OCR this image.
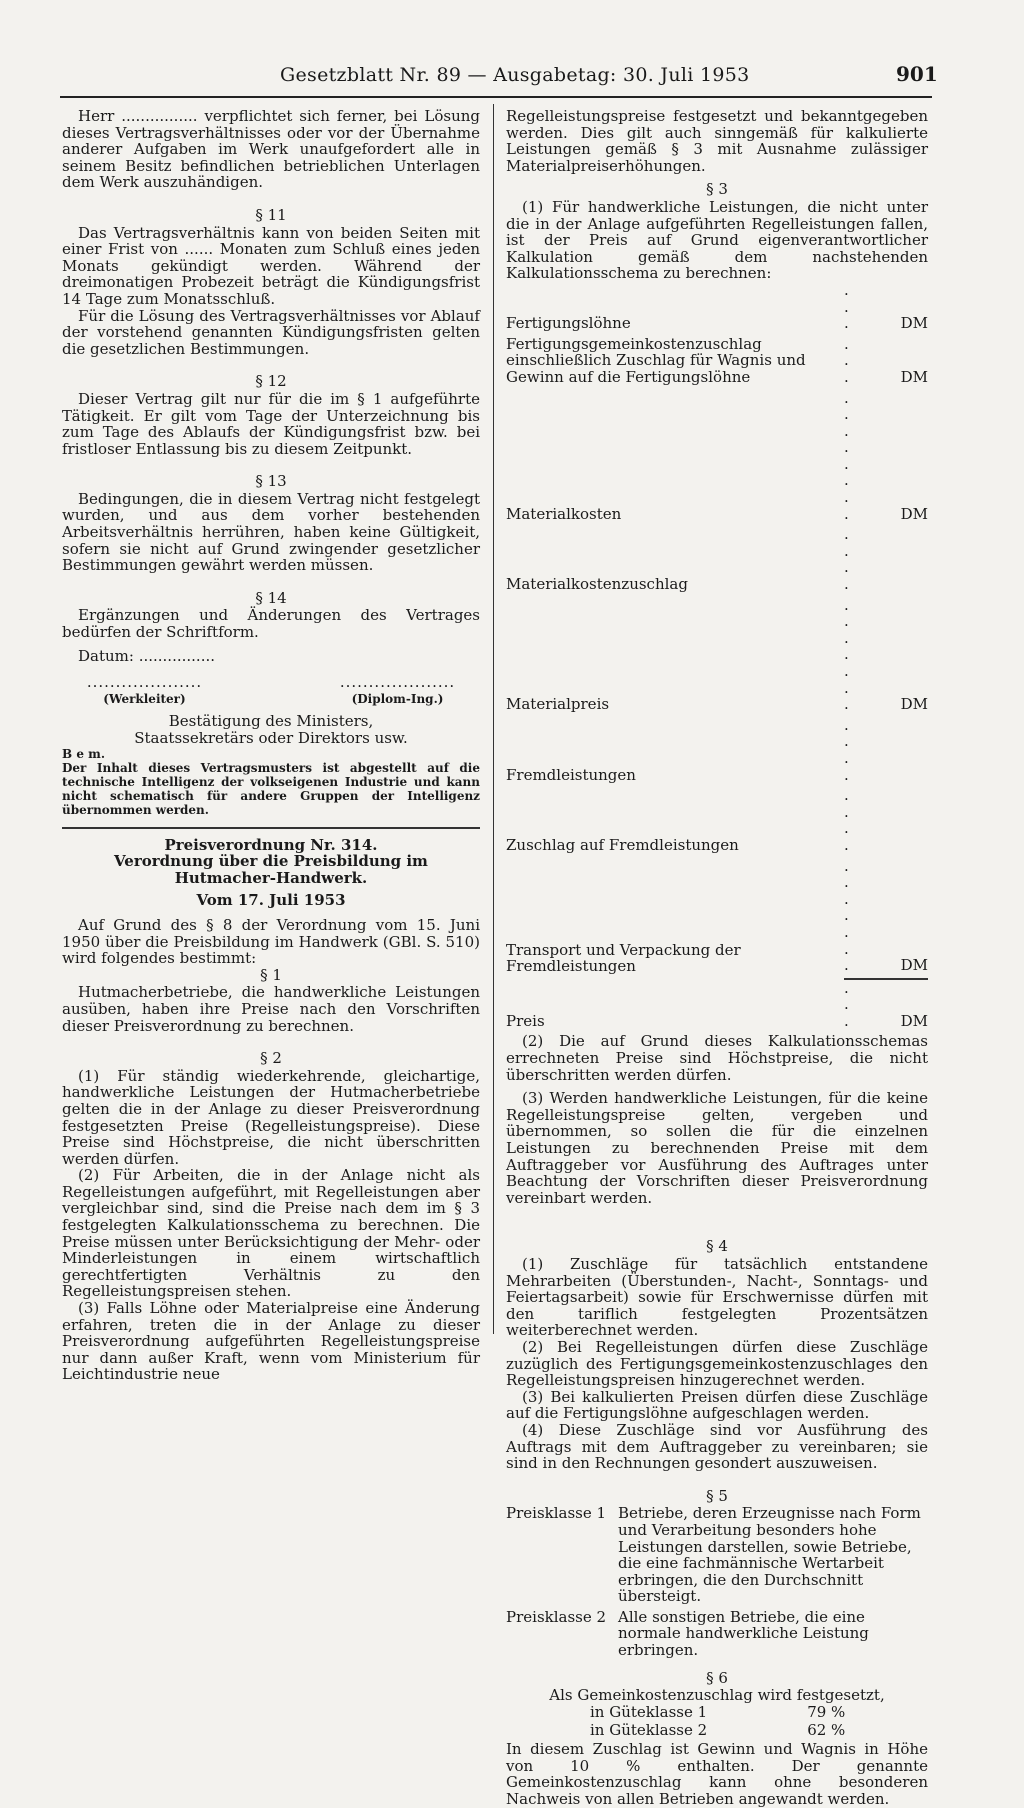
Gesetzblatt Nr. 89 — Ausgabetag: 30. Juli 1953	901

Herr ................ verpflichtet sich ferner, bei Lösung dieses Vertragsverhältnisses oder vor der Übernahme anderer Aufgaben im Werk unaufgefordert alle in seinem Besitz befindlichen betrieblichen Unterlagen dem Werk auszuhändigen.

§ 11

Das Vertragsverhältnis kann von beiden Seiten mit einer Frist von ...... Monaten zum Schluß eines jeden Monats gekündigt werden. Während der dreimonatigen Probezeit beträgt die Kündigungsfrist 14 Tage zum Monatsschluß.

Für die Lösung des Vertragsverhältnisses vor Ablauf der vorstehend genannten Kündigungsfristen gelten die gesetzlichen Bestimmungen.

§ 12

Dieser Vertrag gilt nur für die im § 1 aufgeführte Tätigkeit. Er gilt vom Tage der Unterzeichnung bis zum Tage des Ablaufs der Kündigungsfrist bzw. bei fristloser Entlassung bis zu diesem Zeitpunkt.

§ 13

Bedingungen, die in diesem Vertrag nicht festgelegt wurden, und aus dem vorher bestehenden Arbeitsverhältnis herrühren, haben keine Gültigkeit, sofern sie nicht auf Grund zwingender gesetzlicher Bestimmungen gewährt werden müssen.

§ 14

Ergänzungen und Änderungen des Vertrages bedürfen der Schriftform.

Datum: ................

....................
(Werkleiter)
....................
(Diplom-Ing.)
Bestätigung des Ministers,
Staatssekretärs oder Direktors usw.
B e m.

Der Inhalt dieses Vertragsmusters ist abgestellt auf die technische Intelligenz der volkseigenen Industrie und kann nicht schematisch für andere Gruppen der Intelligenz übernommen werden.

Preisverordnung Nr. 314.
Verordnung über die Preisbildung im Hutmacher-Handwerk.
Vom 17. Juli 1953

Auf Grund des § 8 der Verordnung vom 15. Juni 1950 über die Preisbildung im Handwerk (GBl. S. 510) wird folgendes bestimmt:

§ 1

Hutmacherbetriebe, die handwerkliche Leistungen ausüben, haben ihre Preise nach den Vorschriften dieser Preisverordnung zu berechnen.

§ 2

(1) Für ständig wiederkehrende, gleichartige, handwerkliche Leistungen der Hutmacherbetriebe gelten die in der Anlage zu dieser Preisverordnung festgesetzten Preise (Regelleistungspreise). Diese Preise sind Höchstpreise, die nicht überschritten werden dürfen.

(2) Für Arbeiten, die in der Anlage nicht als Regelleistungen aufgeführt, mit Regelleistungen aber vergleichbar sind, sind die Preise nach dem im § 3 festgelegten Kalkulationsschema zu berechnen. Die Preise müssen unter Berücksichtigung der Mehr- oder Minderleistungen in einem wirtschaftlich gerechtfertigten Verhältnis zu den Regelleistungspreisen stehen.

(3) Falls Löhne oder Materialpreise eine Änderung erfahren, treten die in der Anlage zu dieser Preisverordnung aufgeführten Regelleistungspreise nur dann außer Kraft, wenn vom Ministerium für Leichtindustrie neue

Regelleistungspreise festgesetzt und bekanntgegeben werden. Dies gilt auch sinngemäß für kalkulierte Leistungen gemäß § 3 mit Ausnahme zulässiger Materialpreiserhöhungen.

§ 3

(1) Für handwerkliche Leistungen, die nicht unter die in der Anlage aufgeführten Regelleistungen fallen, ist der Preis auf Grund eigenverantwortlicher Kalkulation gemäß dem nachstehenden Kalkulationsschema zu berechnen:

Fertigungslöhne	. . .	DM
Fertigungsgemeinkostenzuschlag einschließlich Zuschlag für Wagnis und Gewinn auf die Fertigungslöhne	. . .	DM
Materialkosten	. . . . . . . .	DM
Materialkostenzuschlag	. . . .	
Materialpreis	. . . . . . .	DM
Fremdleistungen	. . . .	
Zuschlag auf Fremdleistungen	. . . .	
Transport und Verpackung der Fremdleistungen	. . . . . . .	DM
Preis	. . .	DM

(2) Die auf Grund dieses Kalkulationsschemas errechneten Preise sind Höchstpreise, die nicht überschritten werden dürfen.

(3) Werden handwerkliche Leistungen, für die keine Regelleistungspreise gelten, vergeben und übernommen, so sollen die für die einzelnen Leistungen zu berechnenden Preise mit dem Auftraggeber vor Ausführung des Auftrages unter Beachtung der Vorschriften dieser Preisverordnung vereinbart werden.

§ 4

(1) Zuschläge für tatsächlich entstandene Mehrarbeiten (Überstunden-, Nacht-, Sonntags- und Feiertagsarbeit) sowie für Erschwernisse dürfen mit den tariflich festgelegten Prozentsätzen weiterberechnet werden.

(2) Bei Regelleistungen dürfen diese Zuschläge zuzüglich des Fertigungsgemeinkostenzuschlages den Regelleistungspreisen hinzugerechnet werden.

(3) Bei kalkulierten Preisen dürfen diese Zuschläge auf die Fertigungslöhne aufgeschlagen werden.

(4) Diese Zuschläge sind vor Ausführung des Auftrags mit dem Auftraggeber zu vereinbaren; sie sind in den Rechnungen gesondert auszuweisen.

§ 5
Preisklasse 1	Betriebe, deren Erzeugnisse nach Form und Verarbeitung besonders hohe Leistungen darstellen, sowie Betriebe, die eine fachmännische Wertarbeit erbringen, die den Durchschnitt übersteigt.
Preisklasse 2	Alle sonstigen Betriebe, die eine normale handwerkliche Leistung erbringen.
§ 6
Als Gemeinkostenzuschlag wird festgesetzt,
in Güteklasse 1	79 %
in Güteklasse 2	62 %

In diesem Zuschlag ist Gewinn und Wagnis in Höhe von 10 % enthalten. Der genannte Gemeinkostenzuschlag kann ohne besonderen Nachweis von allen Betrieben angewandt werden.
